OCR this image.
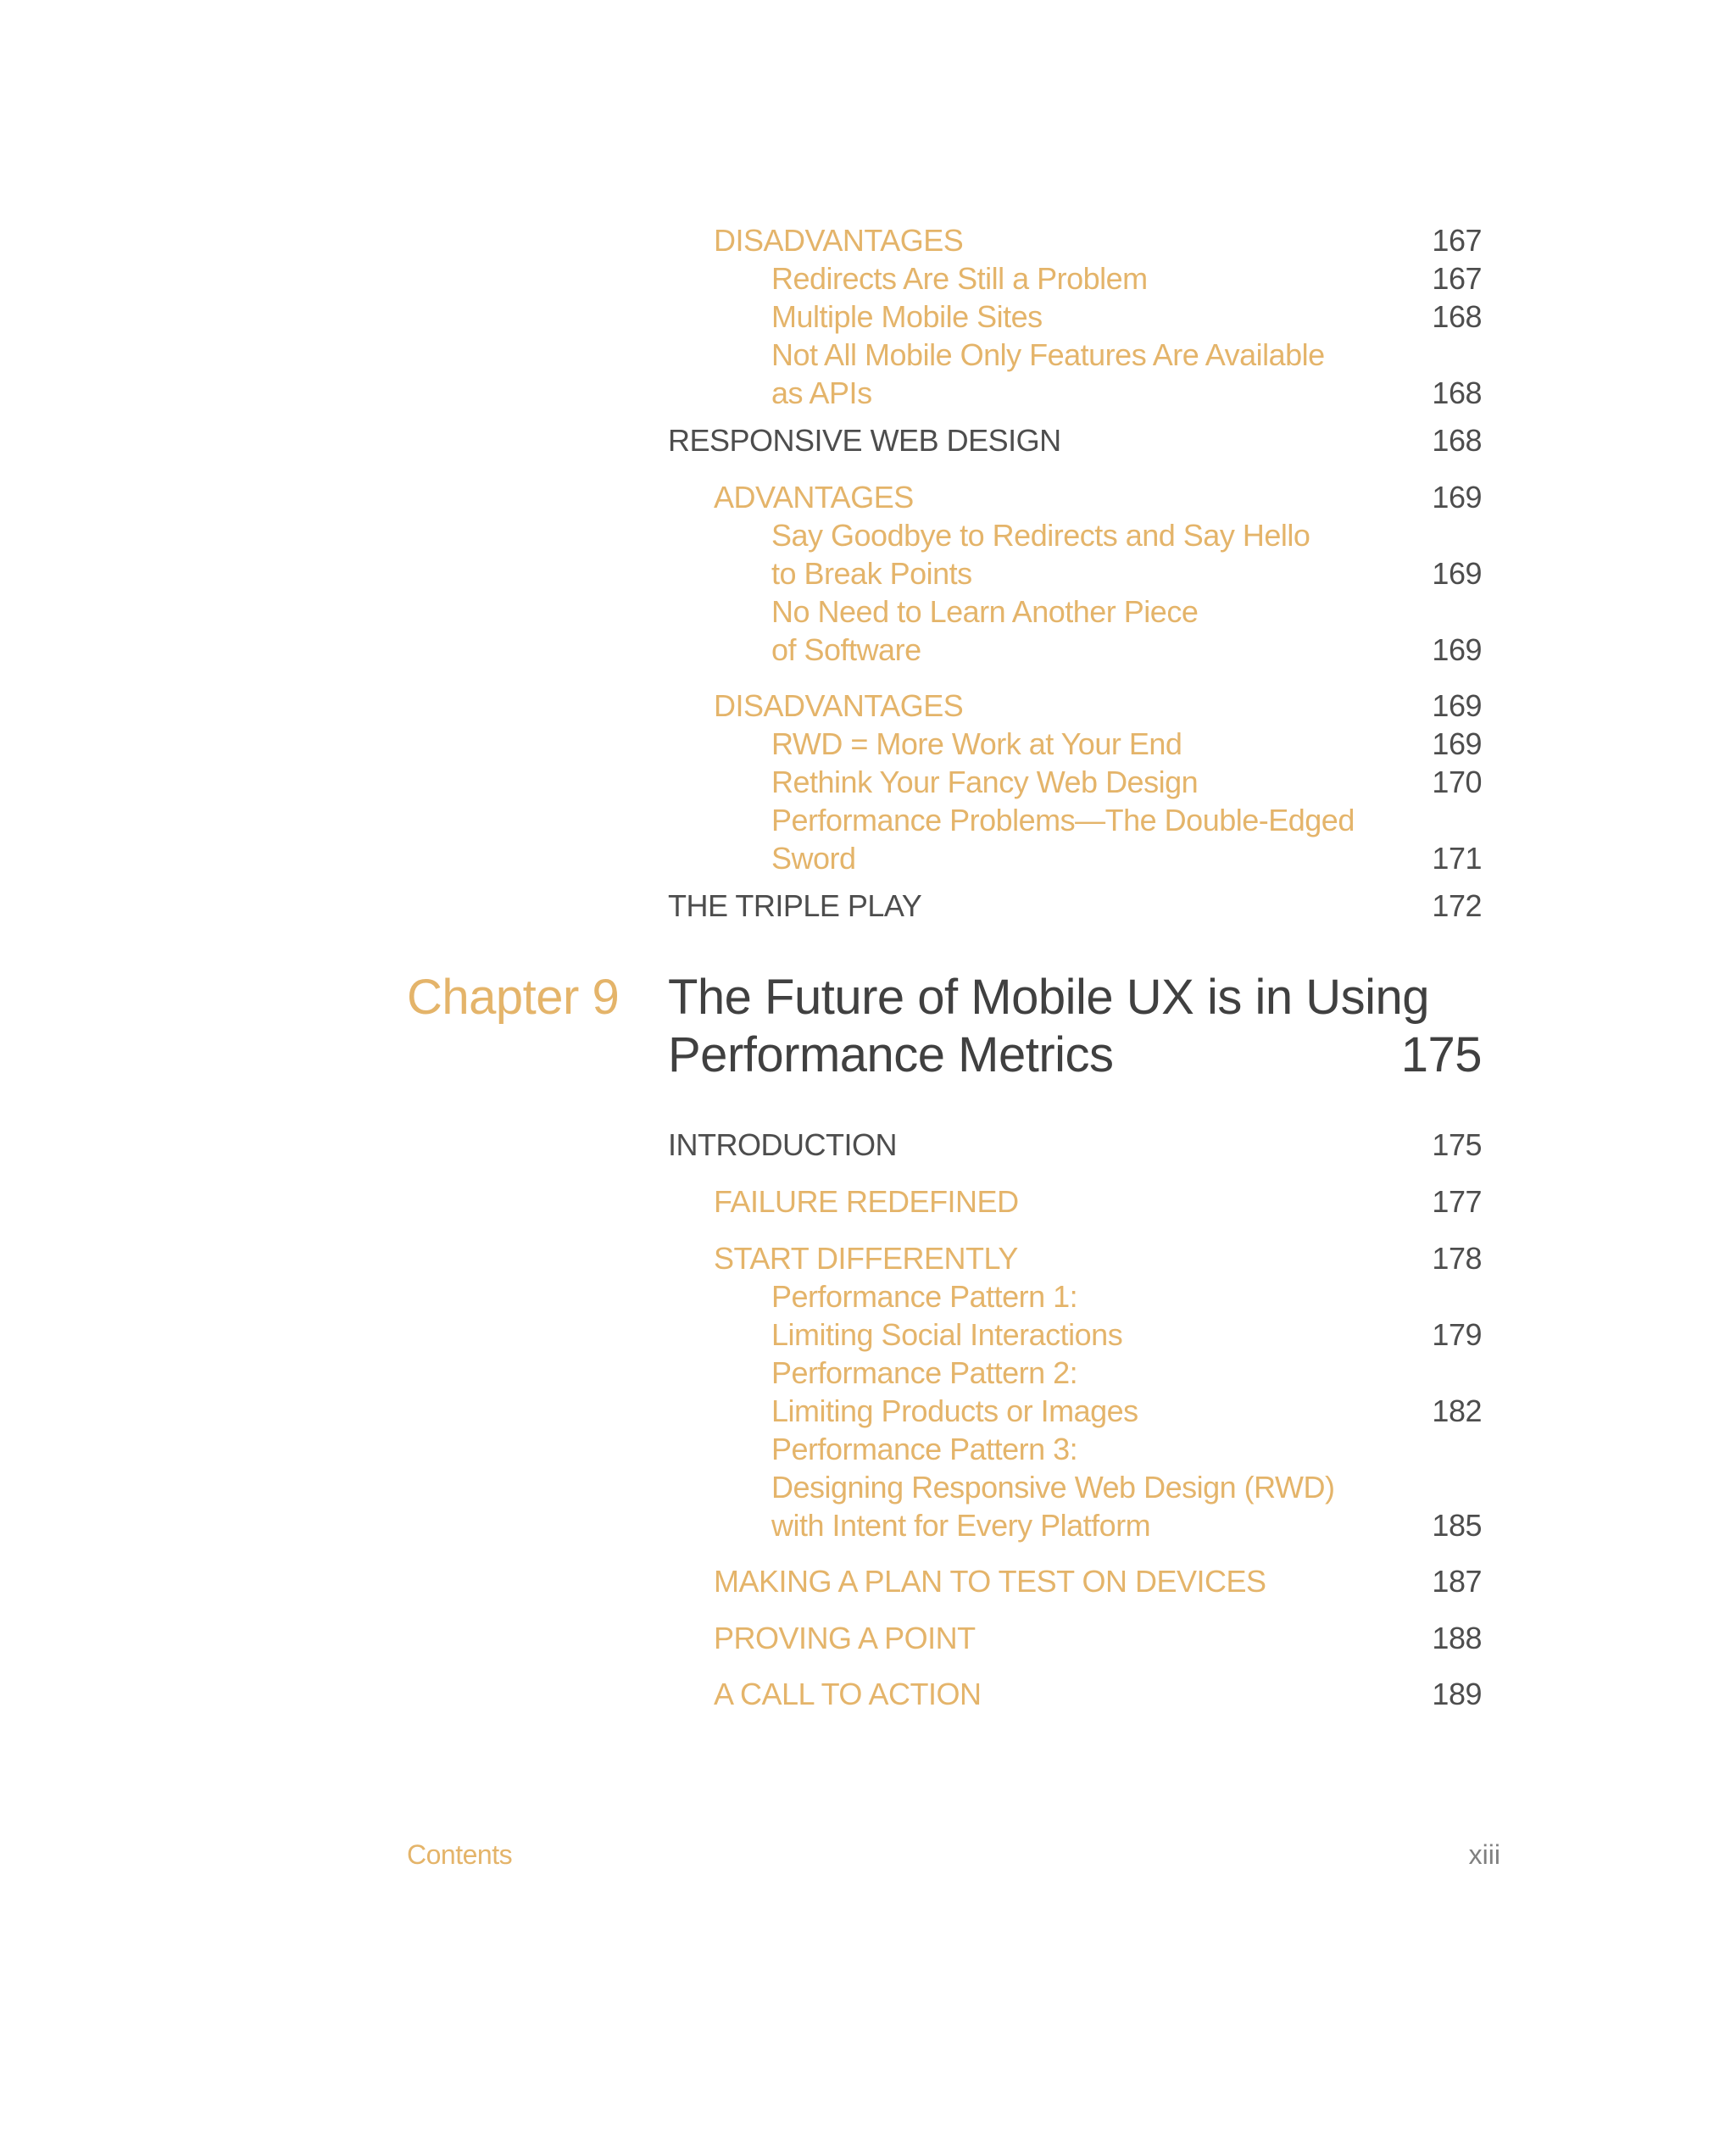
DISADVANTAGES	167
Redirects Are Still a Problem	167
Multiple Mobile Sites	168
Not All Mobile Only Features Are Available
as APIs	168
RESPONSIVE WEB DESIGN	168
ADVANTAGES	169
Say Goodbye to Redirects and Say Hello
to Break Points	169
No Need to Learn Another Piece
of Software	169
DISADVANTAGES	169
RWD = More Work at Your End	169
Rethink Your Fancy Web Design	170
Performance Problems—The Double-Edged
Sword	171
THE TRIPLE PLAY	172
Chapter 9 The Future of Mobile UX is in Using
Performance Metrics	175
INTRODUCTION	175
FAILURE REDEFINED	177
START DIFFERENTLY	178
Performance Pattern 1:
Limiting Social Interactions	179
Performance Pattern 2:
Limiting Products or Images	182
Performance Pattern 3:
Designing Responsive Web Design (RWD)
with Intent for Every Platform	185
MAKING A PLAN TO TEST ON DEVICES	187
PROVING A POINT	188
A CALL TO ACTION	189
Contents	xiii
